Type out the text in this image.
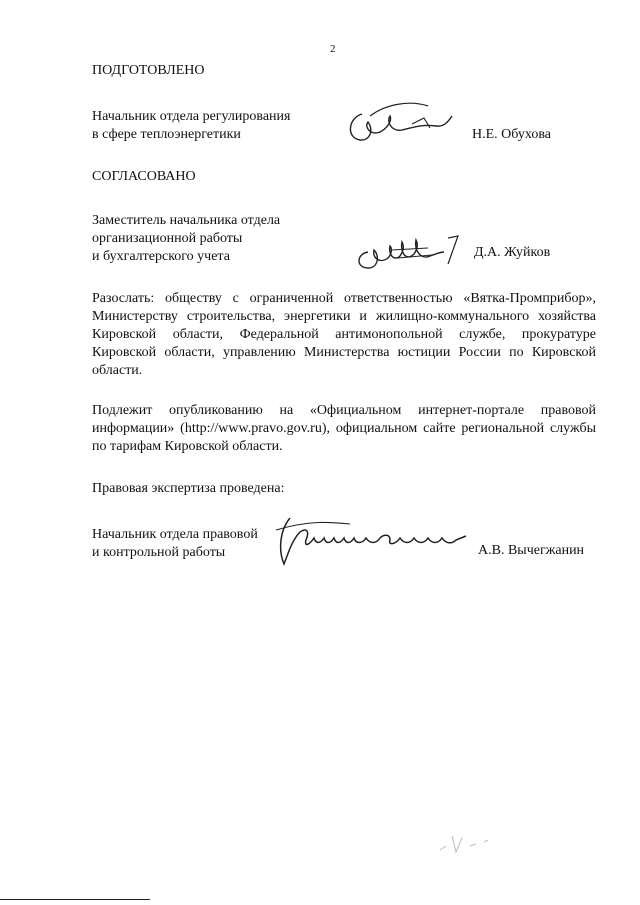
2
ПОДГОТОВЛЕНО
Начальник отдела регулирования
в сфере теплоэнергетики	Н.Е. Обухова
СОГЛАСОВАНО
Заместитель начальника отдела
организационной работы
и бухгалтерского учета	Д.А. Жуйков
Разослать: обществу с ограниченной ответственностью «Вятка-Промприбор», Министерству строительства, энергетики и жилищно-коммунального хозяйства Кировской области, Федеральной антимонопольной службе, прокуратуре Кировской области, управлению Министерства юстиции России по Кировской области.
Подлежит опубликованию на «Официальном интернет-портале правовой информации» (http://www.pravo.gov.ru), официальном сайте региональной службы по тарифам Кировской области.
Правовая экспертиза проведена:
Начальник отдела правовой
и контрольной работы	А.В. Вычегжанин
